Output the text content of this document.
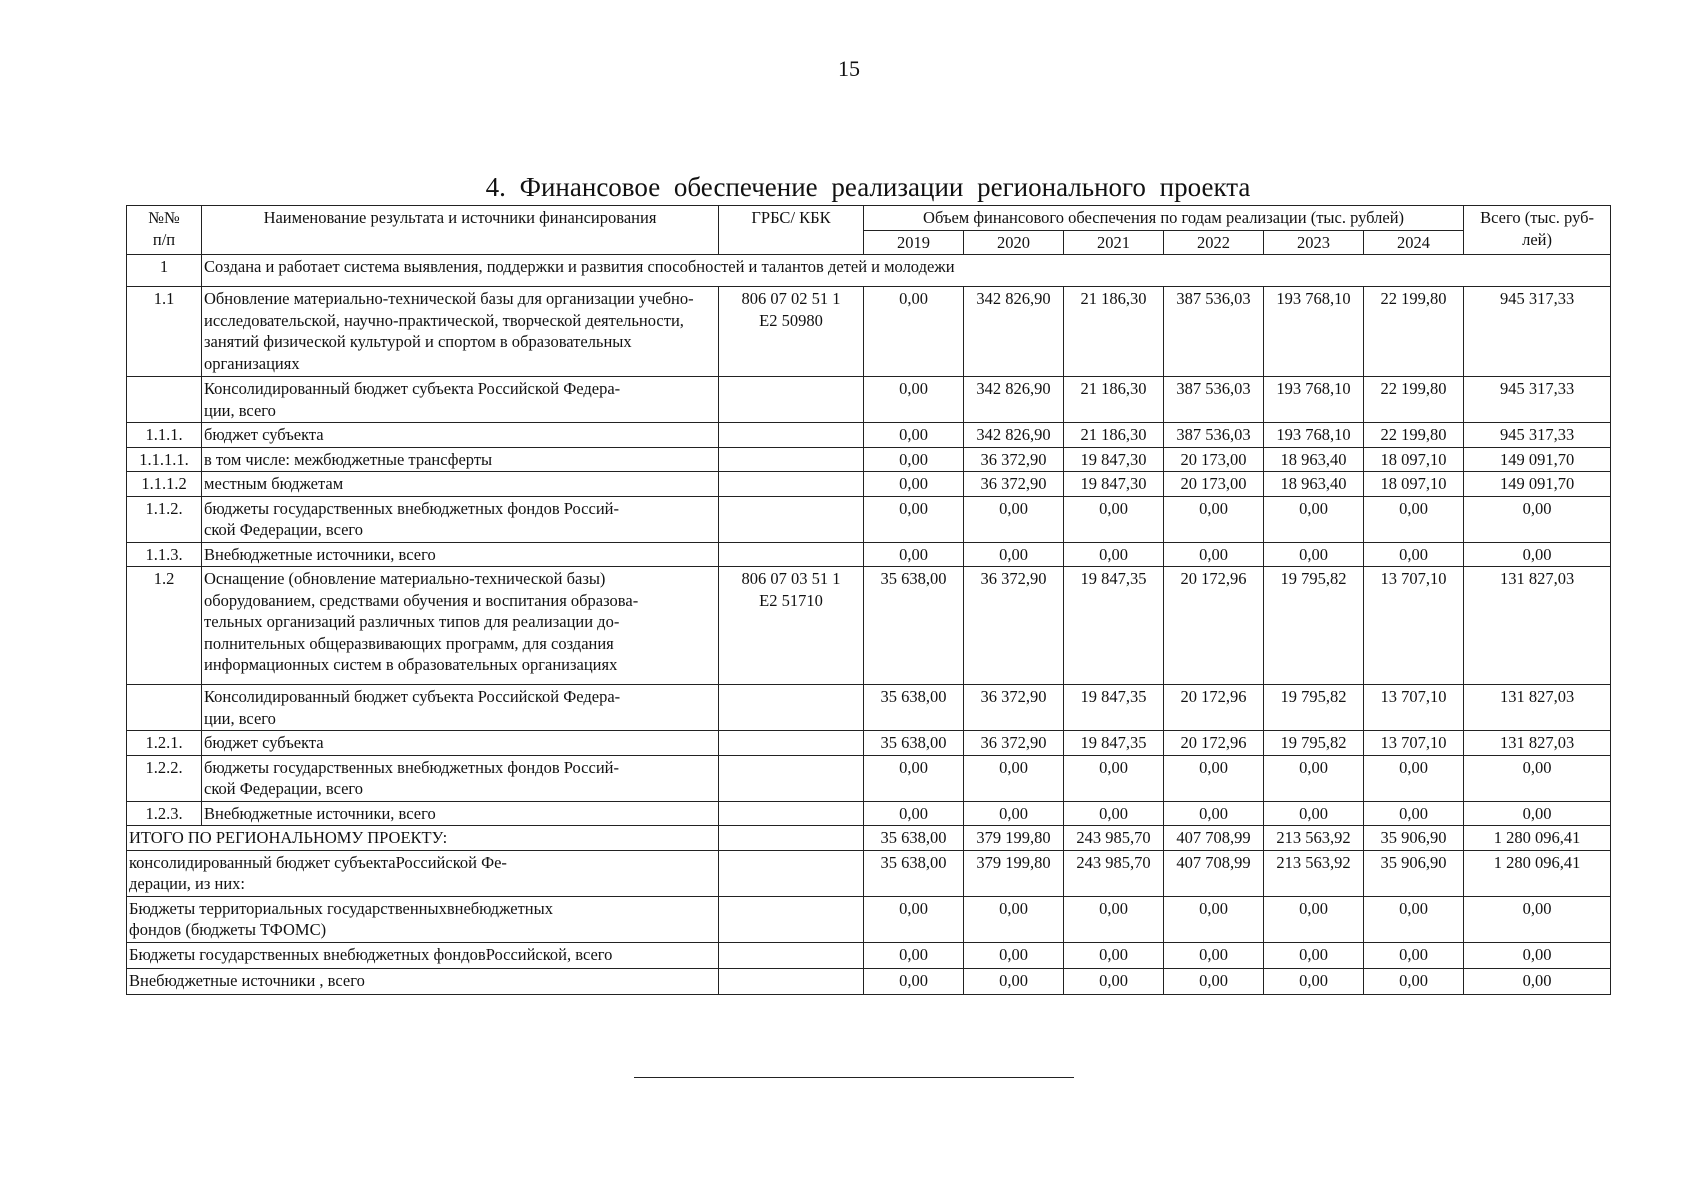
15
4. Финансовое обеспечение реализации регионального проекта
№№
п/п	Наименование результата и источники финансирования	ГРБС/ КБК	Объем финансового обеспечения по годам реализации (тыс. рублей)						Всего (тыс. руб-
лей)
			2019	2020	2021	2022	2023	2024	
1	Создана и работает система выявления, поддержки и развития способностей и талантов детей и молодежи								
1.1	Обновление материально-технической базы для организации учебно-исследовательской, научно-практической, творческой деятельности, занятий физической культурой и спортом в образовательных организациях	806 07 02 51 1
Е2 50980	0,00	342 826,90	21 186,30	387 536,03	193 768,10	22 199,80	945 317,33
	Консолидированный бюджет субъекта Российской Федера-
ции, всего		0,00	342 826,90	21 186,30	387 536,03	193 768,10	22 199,80	945 317,33
1.1.1.	бюджет субъекта		0,00	342 826,90	21 186,30	387 536,03	193 768,10	22 199,80	945 317,33
1.1.1.1.	в том числе: межбюджетные трансферты		0,00	36 372,90	19 847,30	20 173,00	18 963,40	18 097,10	149 091,70
1.1.1.2	местным бюджетам		0,00	36 372,90	19 847,30	20 173,00	18 963,40	18 097,10	149 091,70
1.1.2.	бюджеты государственных внебюджетных фондов Россий-
ской Федерации, всего		0,00	0,00	0,00	0,00	0,00	0,00	0,00
1.1.3.	Внебюджетные источники, всего		0,00	0,00	0,00	0,00	0,00	0,00	0,00
1.2	Оснащение (обновление материально-технической базы)
оборудованием, средствами обучения и воспитания образова-
тельных организаций различных типов для реализации до-
полнительных общеразвивающих программ, для создания
информационных систем в образовательных организациях	806 07 03 51 1
Е2 51710	35 638,00	36 372,90	19 847,35	20 172,96	19 795,82	13 707,10	131 827,03
	Консолидированный бюджет субъекта Российской Федера-
ции, всего		35 638,00	36 372,90	19 847,35	20 172,96	19 795,82	13 707,10	131 827,03
1.2.1.	бюджет субъекта		35 638,00	36 372,90	19 847,35	20 172,96	19 795,82	13 707,10	131 827,03
1.2.2.	бюджеты государственных внебюджетных фондов Россий-
ской Федерации, всего		0,00	0,00	0,00	0,00	0,00	0,00	0,00
1.2.3.	Внебюджетные источники, всего		0,00	0,00	0,00	0,00	0,00	0,00	0,00
ИТОГО ПО РЕГИОНАЛЬНОМУ ПРОЕКТУ:			35 638,00	379 199,80	243 985,70	407 708,99	213 563,92	35 906,90	1 280 096,41
консолидированный бюджет субъектаРоссийской Фе-
дерации, из них:			35 638,00	379 199,80	243 985,70	407 708,99	213 563,92	35 906,90	1 280 096,41
Бюджеты территориальных государственныхвнебюджетных
фондов (бюджеты ТФОМС)			0,00	0,00	0,00	0,00	0,00	0,00	0,00
Бюджеты государственных внебюджетных фондовРоссийской, всего			0,00	0,00	0,00	0,00	0,00	0,00	0,00
Внебюджетные источники , всего			0,00	0,00	0,00	0,00	0,00	0,00	0,00
